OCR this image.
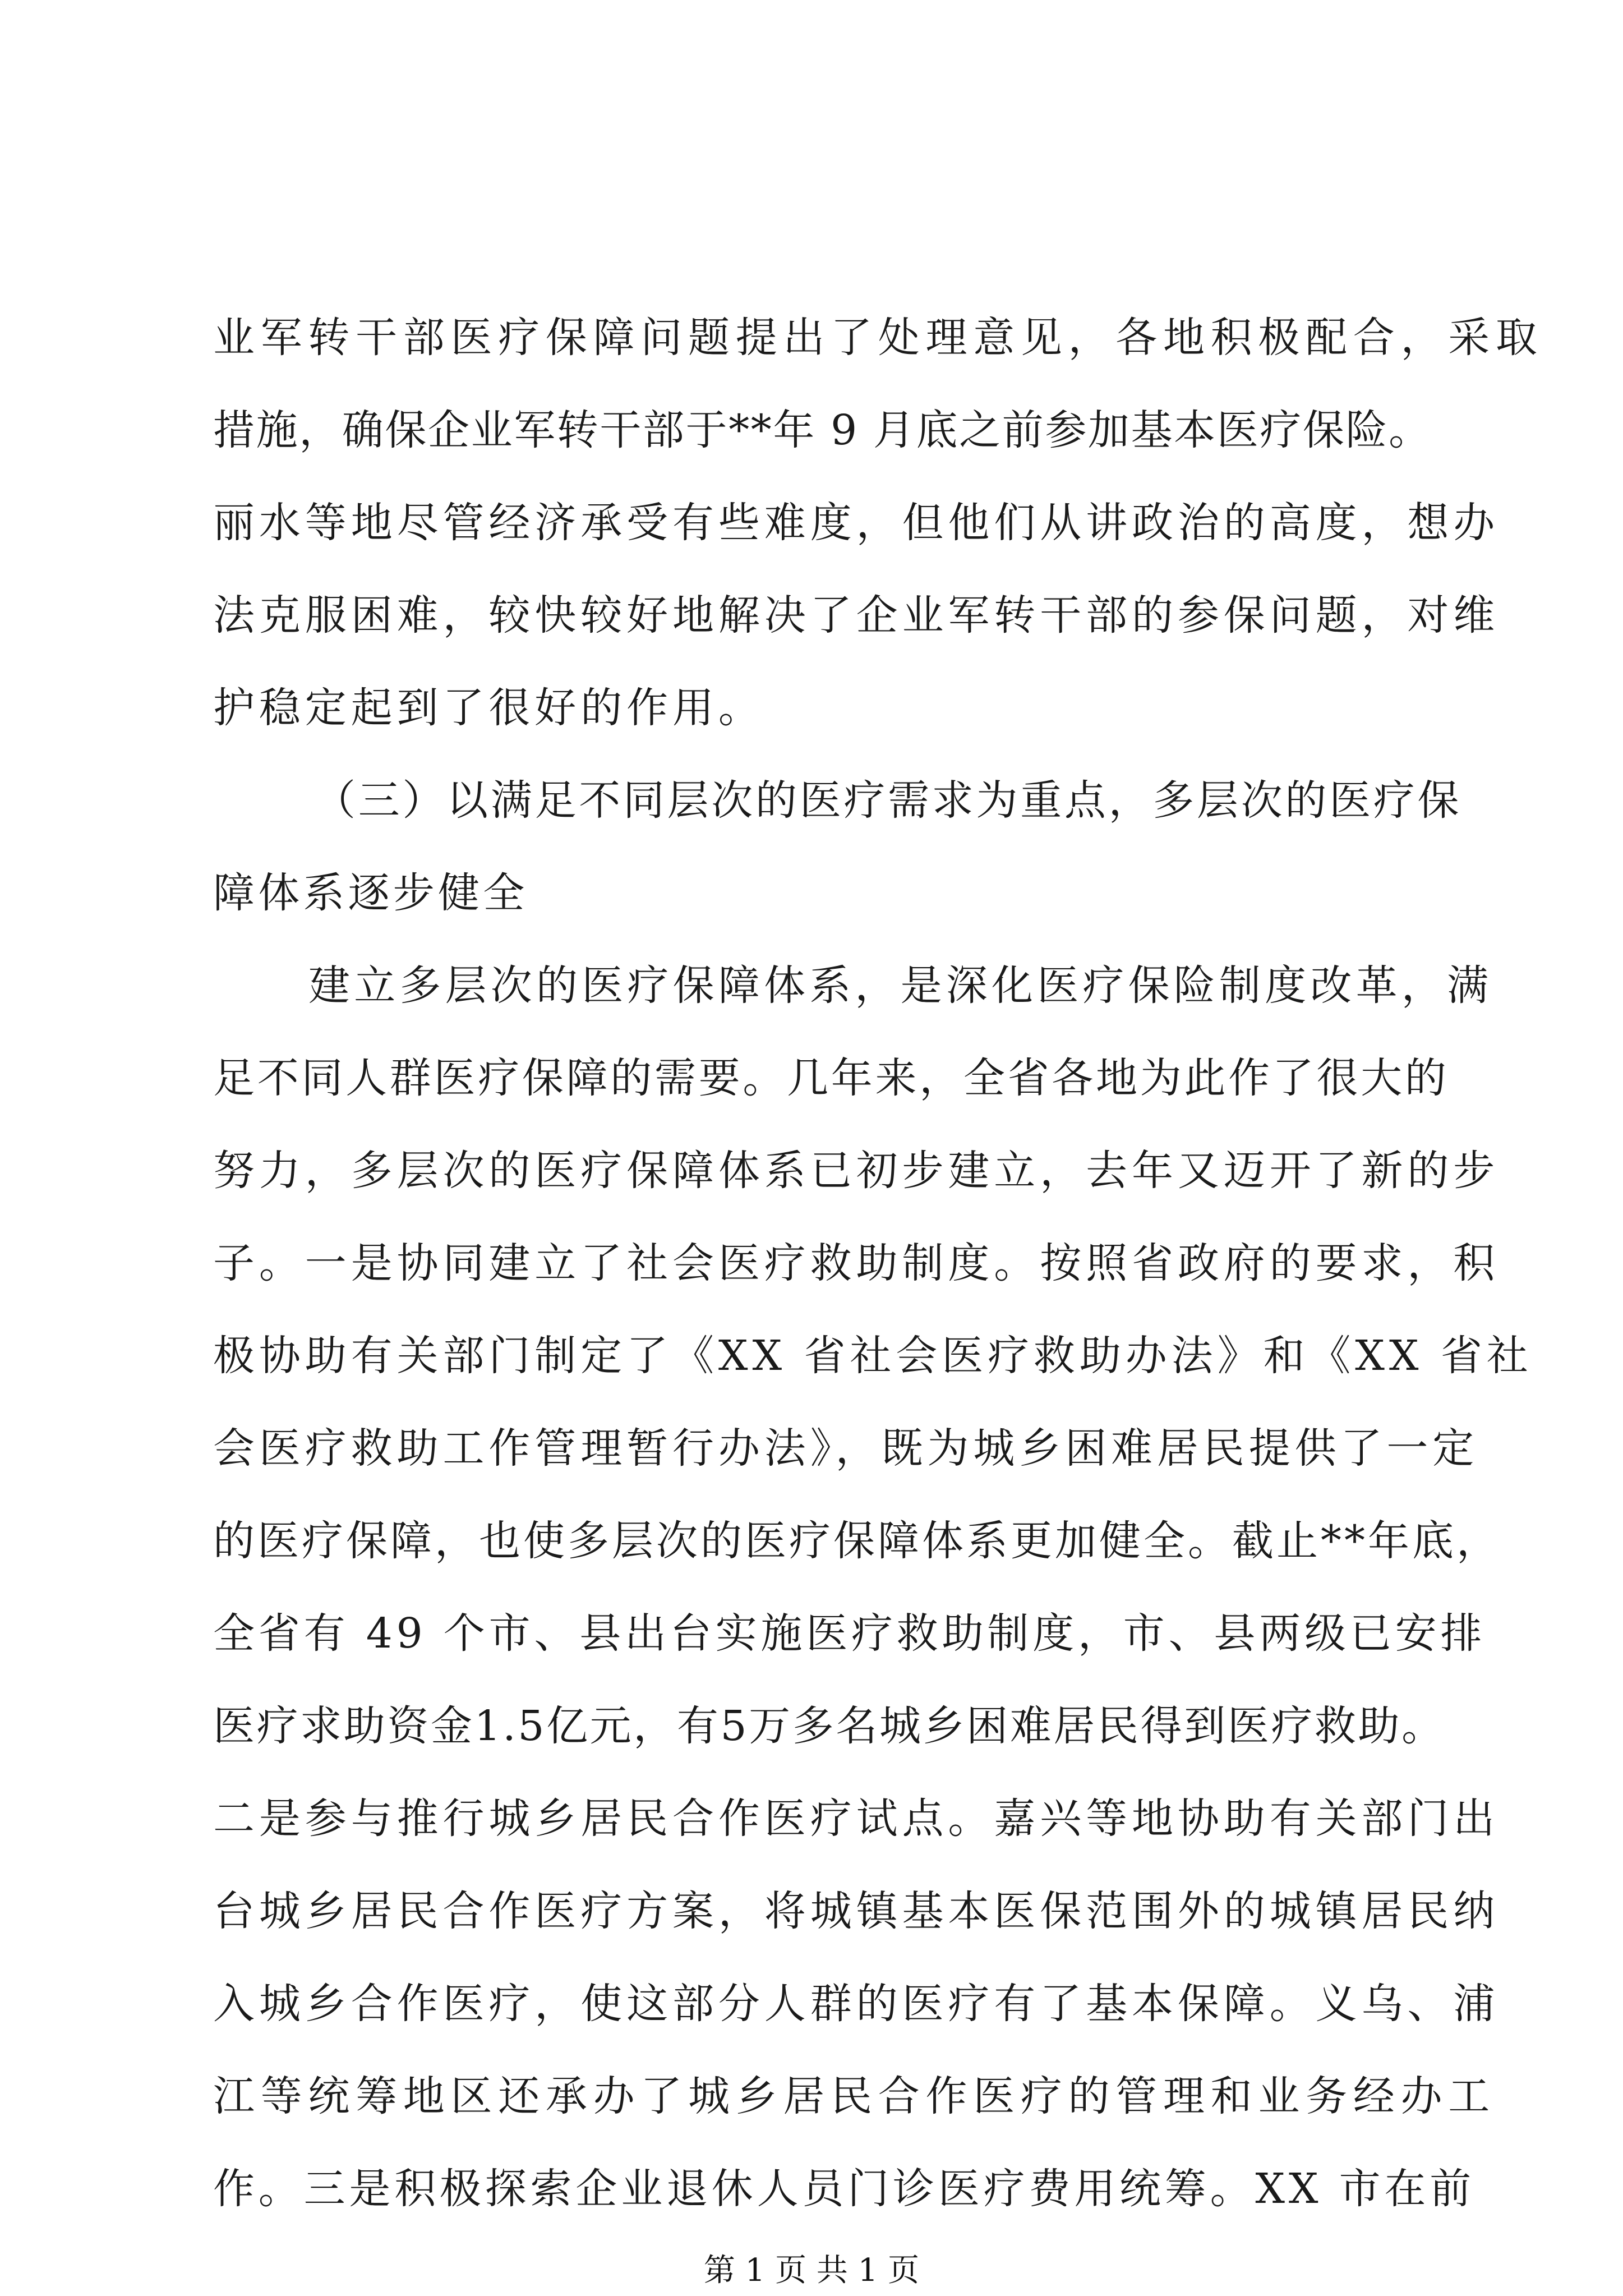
业军转干部医疗保障问题提出了处理意见，各地积极配合，采取
措施，确保企业军转干部于**年 9 月底之前参加基本医疗保险。
丽水等地尽管经济承受有些难度，但他们从讲政治的高度，想办
法克服困难，较快较好地解决了企业军转干部的参保问题，对维
护稳定起到了很好的作用。
（三）以满足不同层次的医疗需求为重点，多层次的医疗保
障体系逐步健全
建立多层次的医疗保障体系，是深化医疗保险制度改革，满
足不同人群医疗保障的需要。几年来，全省各地为此作了很大的
努力，多层次的医疗保障体系已初步建立，去年又迈开了新的步
子。一是协同建立了社会医疗救助制度。按照省政府的要求，积
极协助有关部门制定了《XX 省社会医疗救助办法》和《XX 省社
会医疗救助工作管理暂行办法》，既为城乡困难居民提供了一定
的医疗保障，也使多层次的医疗保障体系更加健全。截止**年底，
全省有 49 个市、县出台实施医疗救助制度，市、县两级已安排
医疗求助资金1.5亿元，有5万多名城乡困难居民得到医疗救助。
二是参与推行城乡居民合作医疗试点。嘉兴等地协助有关部门出
台城乡居民合作医疗方案，将城镇基本医保范围外的城镇居民纳
入城乡合作医疗，使这部分人群的医疗有了基本保障。义乌、浦
江等统筹地区还承办了城乡居民合作医疗的管理和业务经办工
作。三是积极探索企业退休人员门诊医疗费用统筹。XX 市在前
第 1 页 共 1 页
